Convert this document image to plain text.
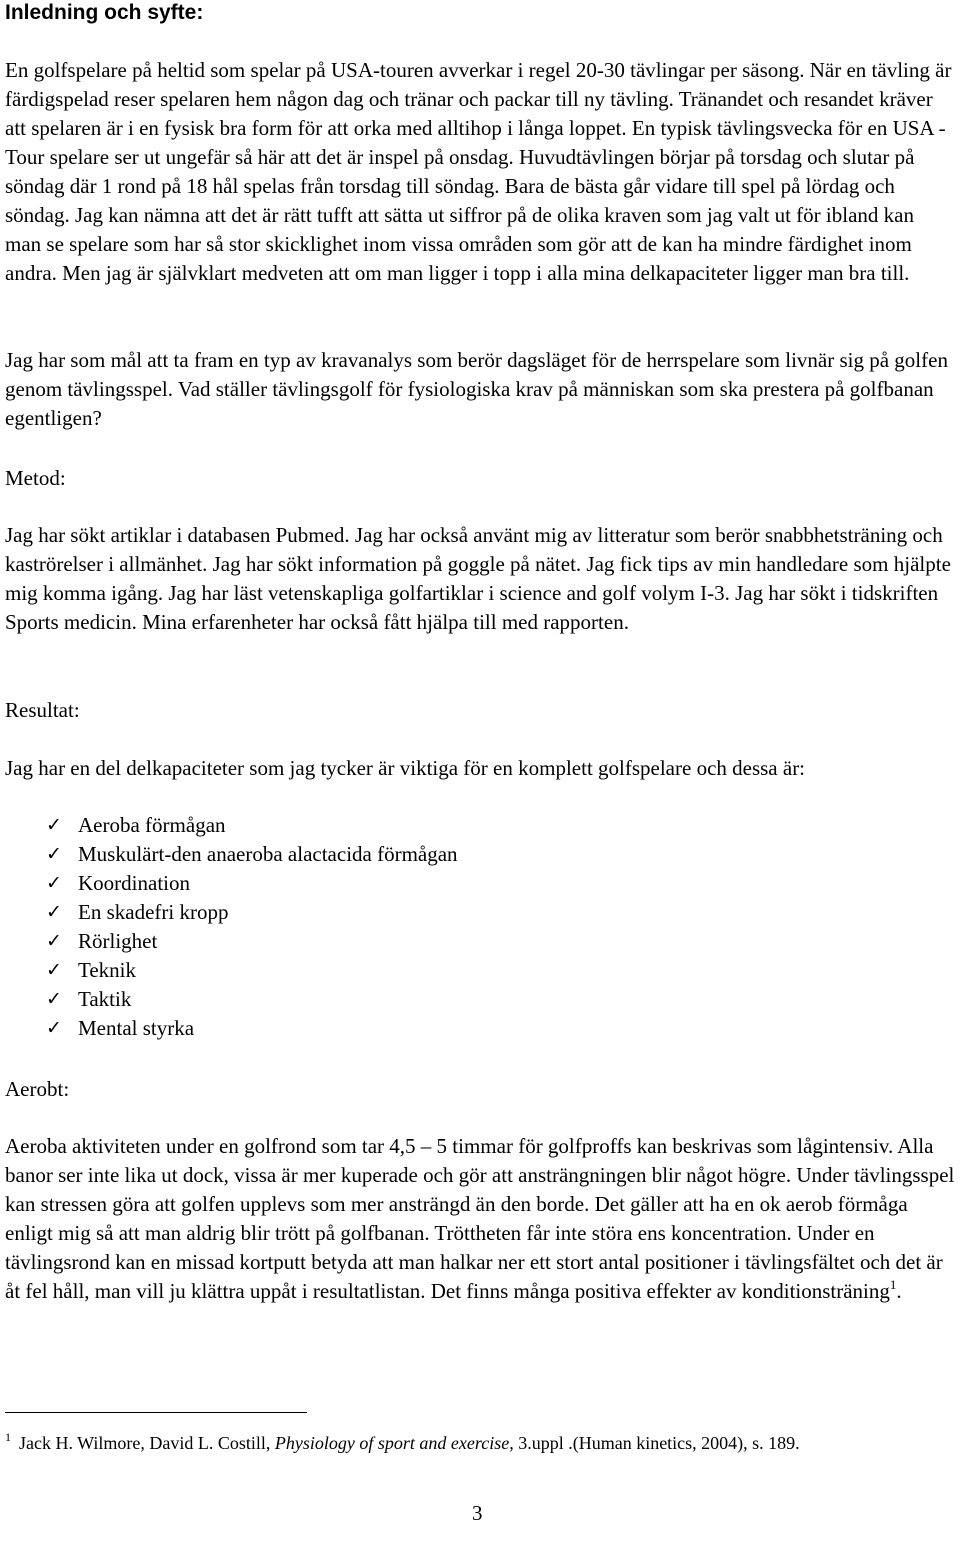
Inledning och syfte:

En golfspelare på heltid som spelar på USA-touren avverkar i regel 20-30 tävlingar per säsong. När en tävling är färdigspelad reser spelaren hem någon dag och tränar och packar till ny tävling. Tränandet och resandet kräver att spelaren är i en fysisk bra form för att orka med alltihop i långa loppet. En typisk tävlingsvecka för en USA - Tour spelare ser ut ungefär så här att det är inspel på onsdag. Huvudtävlingen börjar på torsdag och slutar på söndag där 1 rond på 18 hål spelas från torsdag till söndag. Bara de bästa går vidare till spel på lördag och söndag. Jag kan nämna att det är rätt tufft att sätta ut siffror på de olika kraven som jag valt ut för ibland kan man se spelare som har så stor skicklighet inom vissa områden som gör att de kan ha mindre färdighet inom andra. Men jag är självklart medveten att om man ligger i topp i alla mina delkapaciteter ligger man bra till.

Jag har som mål att ta fram en typ av kravanalys som berör dagsläget för de herrspelare som livnär sig på golfen genom tävlingsspel. Vad ställer tävlingsgolf för fysiologiska krav på människan som ska prestera på golfbanan egentligen?

Metod:

Jag har sökt artiklar i databasen Pubmed. Jag har också använt mig av litteratur som berör snabbhetsträning och kaströrelser i allmänhet. Jag har sökt information på goggle på nätet. Jag fick tips av min handledare som hjälpte mig komma igång. Jag har läst vetenskapliga golfartiklar i science and golf volym I-3. Jag har sökt i tidskriften Sports medicin. Mina erfarenheter har också fått hjälpa till med rapporten.

Resultat:

Jag har en del delkapaciteter som jag tycker är viktiga för en komplett golfspelare och dessa är:

✓ Aeroba förmågan
✓ Muskulärt-den anaeroba alactacida förmågan
✓ Koordination
✓ En skadefri kropp
✓ Rörlighet
✓ Teknik
✓ Taktik
✓ Mental styrka
Aerobt:

Aeroba aktiviteten under en golfrond som tar 4,5 – 5 timmar för golfproffs kan beskrivas som lågintensiv. Alla banor ser inte lika ut dock, vissa är mer kuperade och gör att ansträngningen blir något högre. Under tävlingsspel kan stressen göra att golfen upplevs som mer ansträngd än den borde. Det gäller att ha en ok aerob förmåga enligt mig så att man aldrig blir trött på golfbanan. Tröttheten får inte störa ens koncentration. Under en tävlingsrond kan en missad kortputt betyda att man halkar ner ett stort antal positioner i tävlingsfältet och det är åt fel håll, man vill ju klättra uppåt i resultatlistan. Det finns många positiva effekter av konditionsträning$^1$.

$^1$ Jack H. Wilmore, David L. Costill, Physiology of sport and exercise, 3.uppl .(Human kinetics, 2004), s. 189.
3
